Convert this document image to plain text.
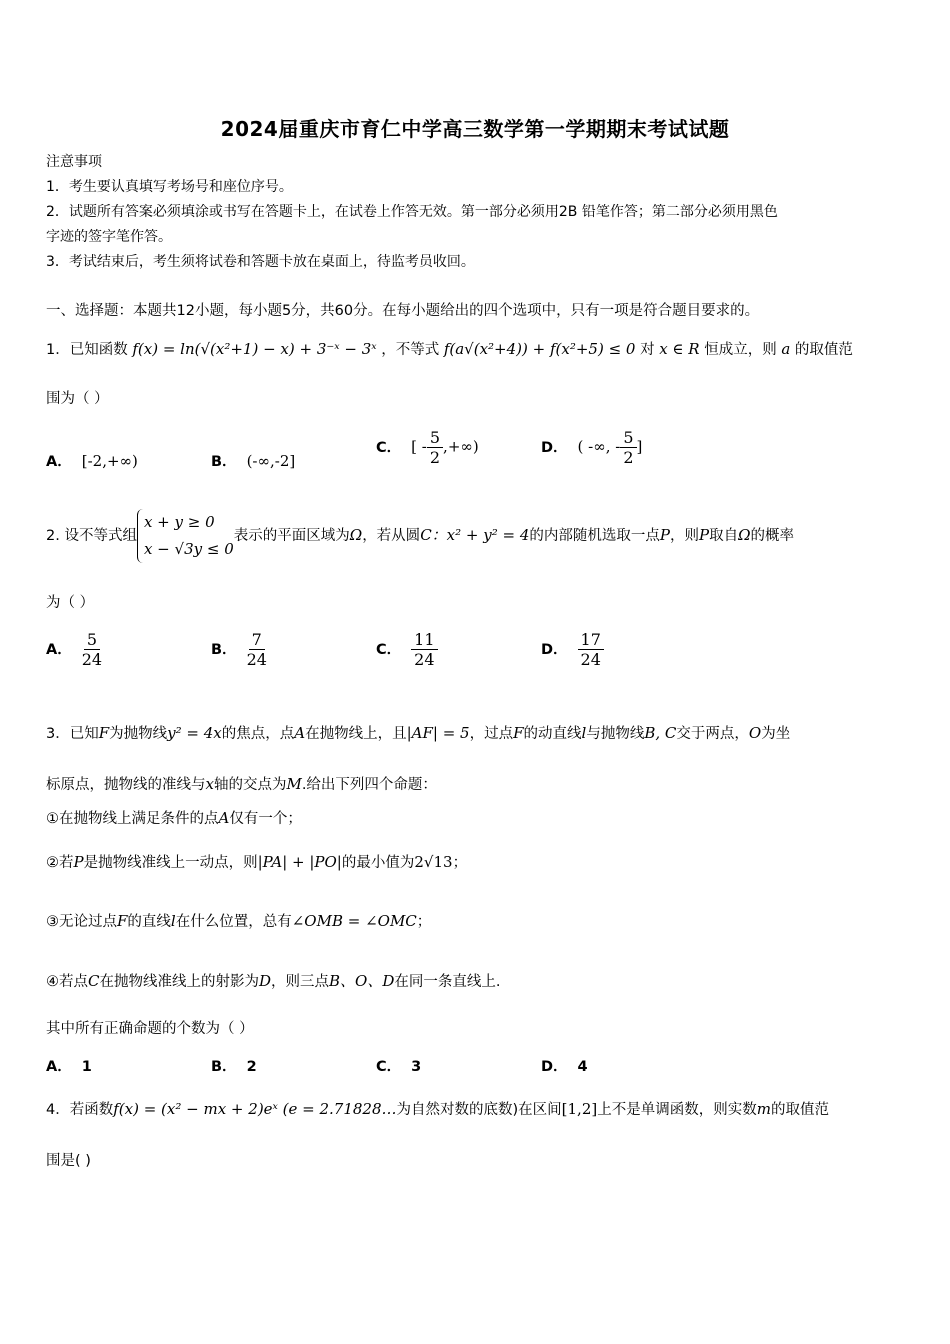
2024届重庆市育仁中学高三数学第一学期期末考试试题
注意事项
1．考生要认真填写考场号和座位序号。
2．试题所有答案必须填涂或书写在答题卡上，在试卷上作答无效。第一部分必须用2B 铅笔作答；第二部分必须用黑色
字迹的签字笔作答。
3．考试结束后，考生须将试卷和答题卡放在桌面上，待监考员收回。
一、选择题：本题共12小题，每小题5分，共60分。在每小题给出的四个选项中，只有一项是符合题目要求的。
1．已知函数 f(x) = ln(√(x²+1) − x) + 3⁻ˣ − 3ˣ ，不等式 f(a√(x²+4)) + f(x²+5) ≤ 0 对 x ∈ R 恒成立，则 a 的取值范
围为（ ）
A． [-2,+∞)	B． (-∞,-2]
C． [ - $\frac{5}{2}$ ,+∞)	D． ( -∞, - $\frac{5}{2}$ ]
2. 设不等式组x + y ≥ 0
x − √3y ≤ 0表示的平面区域为Ω，若从圆C：x² + y² = 4的内部随机选取一点P，则P取自Ω的概率
为（ ）
A． $\frac{5}{24}$	B． $\frac{7}{24}$	C． $\frac{11}{24}$	D． $\frac{17}{24}$
3．已知F为抛物线y² = 4x的焦点，点A在抛物线上，且|AF| = 5，过点F的动直线l与抛物线B, C交于两点，O为坐
标原点，抛物线的准线与x轴的交点为M.给出下列四个命题：
①在抛物线上满足条件的点A仅有一个；
②若P是抛物线准线上一动点，则|PA| + |PO|的最小值为2√13；
③无论过点F的直线l在什么位置，总有∠OMB = ∠OMC；
④若点C在抛物线准线上的射影为D，则三点B、O、D在同一条直线上.
其中所有正确命题的个数为（ ）
A． 1	B． 2	C． 3	D． 4
4．若函数f(x) = (x² − mx + 2)eˣ (e = 2.71828…为自然对数的底数)在区间[1,2]上不是单调函数，则实数m的取值范
围是( )
